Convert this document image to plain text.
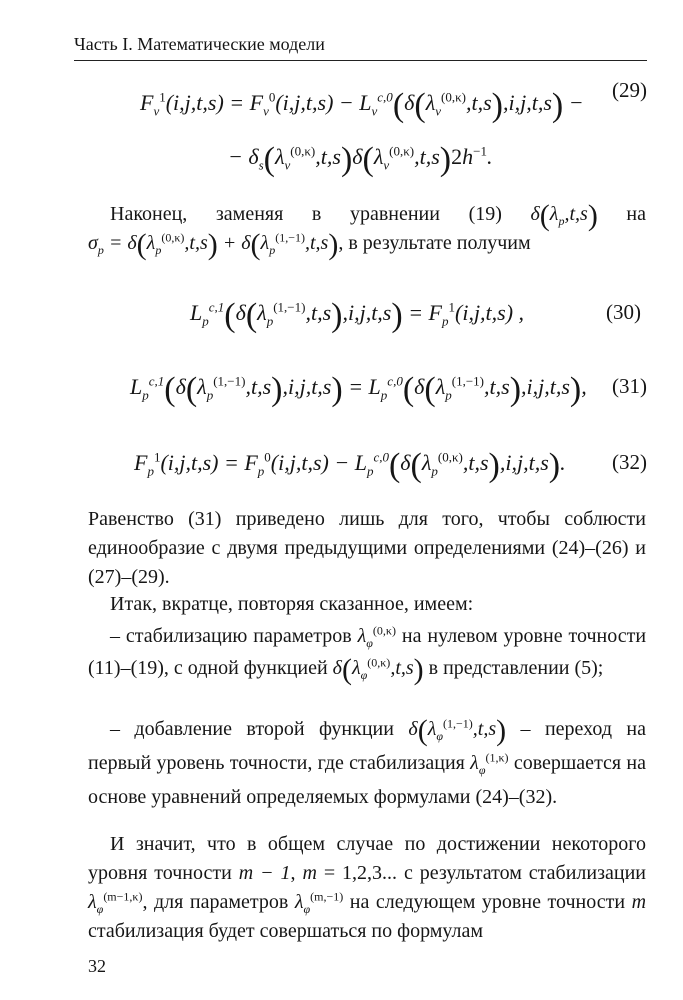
Часть I. Математические модели
$F_v^1(i,j,t,s) = F_v^0(i,j,t,s) - L_v^{c,0}(\delta(\lambda_v^{(0,\kappa)},t,s),i,j,t,s) - (29)$
− $\delta_s(\lambda_v^{(0,\kappa)},t,s)\delta(\lambda_v^{(0,\kappa)},t,s)2h^{-1}$.
Наконец, заменяя в уравнении (19) $\delta(\lambda_p,t,s)$ на $\sigma_p = \delta(\lambda_p^{(0,\kappa)},t,s) + \delta(\lambda_p^{(1,-1)},t,s)$, в результате получим
$L_p^{c,1}(\delta(\lambda_p^{(1,-1)},t,s),i,j,t,s) = F_p^1(i,j,t,s)$ ,	(30)
$L_p^{c,1}(\delta(\lambda_p^{(1,-1)},t,s),i,j,t,s) = L_p^{c,0}(\delta(\lambda_p^{(1,-1)},t,s),i,j,t,s)$, (31)
$F_p^1(i,j,t,s) = F_p^0(i,j,t,s) - L_p^{c,0}(\delta(\lambda_p^{(0,\kappa)},t,s),i,j,t,s)$. (32)
Равенство (31) приведено лишь для того, чтобы соблюсти единообразие с двумя предыдущими определениями (24)–(26) и (27)–(29).
Итак, вкратце, повторяя сказанное, имеем:
– стабилизацию параметров $\lambda_\varphi^{(0,\kappa)}$ на нулевом уровне точности (11)–(19), с одной функцией $\delta(\lambda_\varphi^{(0,\kappa)},t,s)$ в представлении (5);
– добавление второй функции $\delta(\lambda_\varphi^{(1,-1)},t,s)$ – переход на первый уровень точности, где стабилизация $\lambda_\varphi^{(1,\kappa)}$ совершается на основе уравнений определяемых формулами (24)–(32).
И значит, что в общем случае по достижении некоторого уровня точности m − 1, m = 1,2,3... с результатом стабилизации $\lambda_\varphi^{(m-1,\kappa)}$, для параметров $\lambda_\varphi^{(m,-1)}$ на следующем уровне точности m стабилизация будет совершаться по формулам
32
